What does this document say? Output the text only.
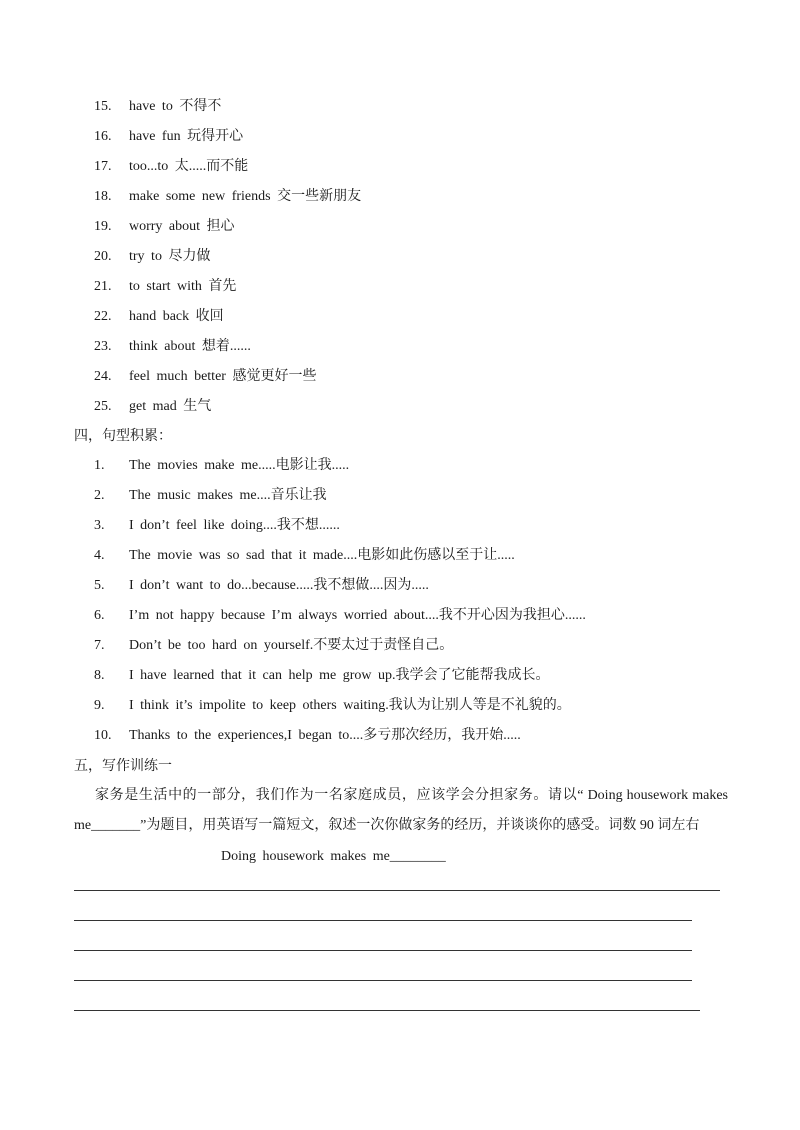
15. have to 不得不
16. have fun 玩得开心
17. too...to 太.....而不能
18. make some new friends 交一些新朋友
19. worry about 担心
20. try to 尽力做
21. to start with 首先
22. hand back 收回
23. think about 想着......
24. feel much better 感觉更好一些
25. get mad 生气
四，句型积累：
1. The movies make me.....电影让我.....
2. The music makes me....音乐让我
3. I don’t feel like doing....我不想......
4. The movie was so sad that it made....电影如此伤感以至于让.....
5. I don’t want to do...because.....我不想做....因为.....
6. I’m not happy because I’m always worried about....我不开心因为我担心......
7. Don’t be too hard on yourself.不要太过于责怪自己。
8. I have learned that it can help me grow up.我学会了它能帮我成长。
9. I think it’s impolite to keep others waiting.我认为让别人等是不礼貌的。
10. Thanks to the experiences,I began to....多亏那次经历，我开始.....
五，写作训练一

家务是生活中的一部分，我们作为一名家庭成员，应该学会分担家务。请以“ Doing housework makes

me_______”为题目，用英语写一篇短文，叙述一次你做家务的经历，并谈谈你的感受。词数 90 词左右

Doing housework makes me________
